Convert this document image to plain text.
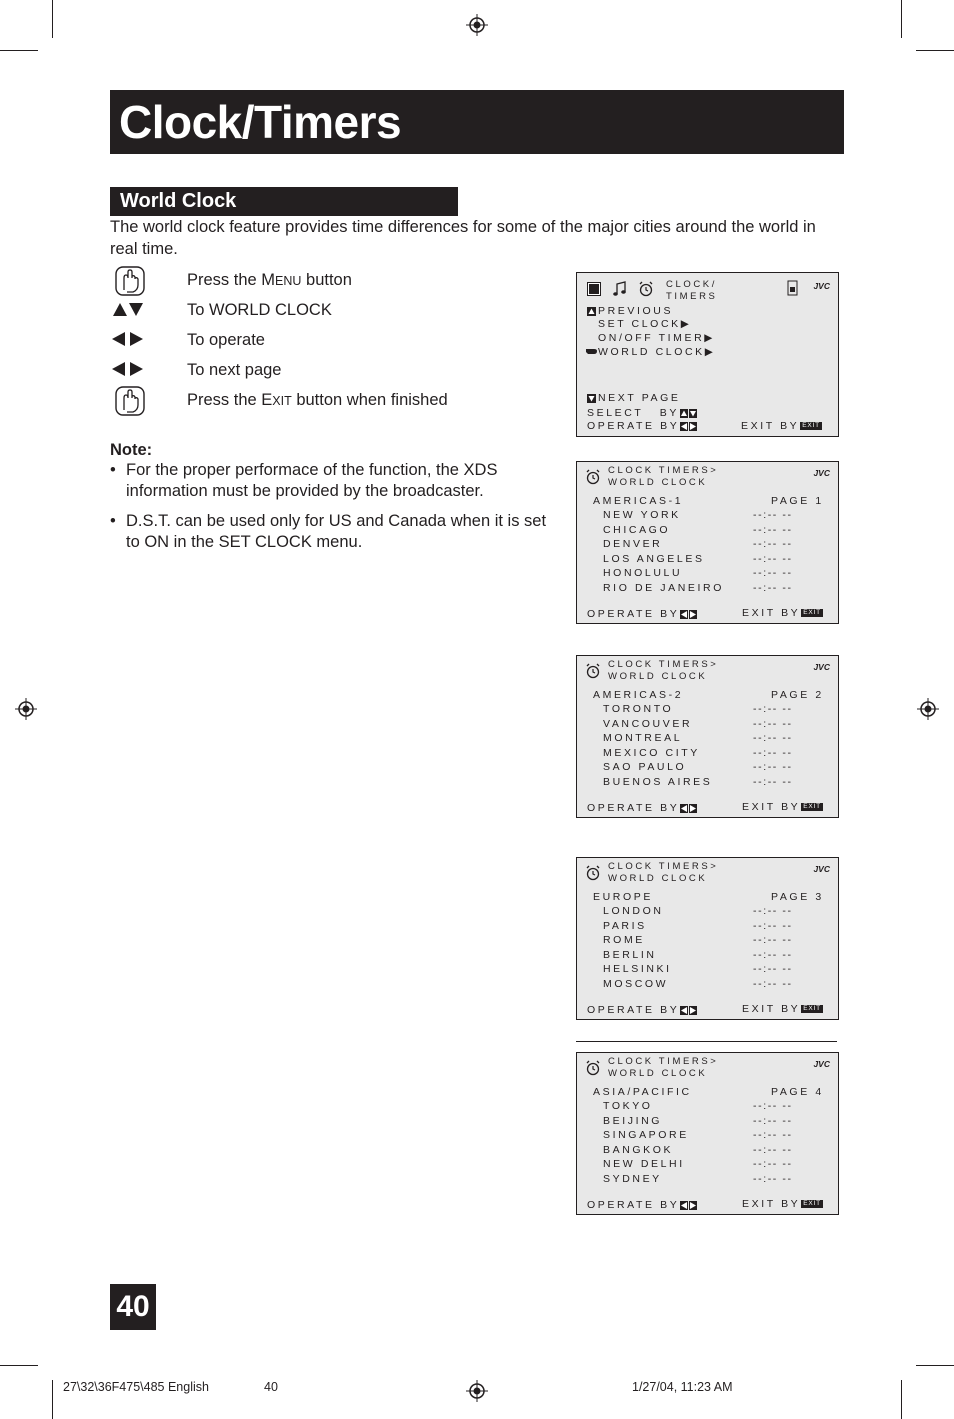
Clock/Timers
World Clock
The world clock feature provides time differences for some of the major cities around the world in real time.
Press the MENU button
To WORLD CLOCK
To operate
To next page
Press the EXIT button when finished
Note:
• For the proper performace of the function, the XDS information must be provided by the broadcaster.
• D.S.T. can be used only for US and Canada when it is set to ON in the SET CLOCK menu.
CLOCK/
TIMERS
JVC
PREVIOUS
SET CLOCK▶
ON/OFF TIMER▶
WORLD CLOCK▶
NEXT PAGE
SELECT   BY
OPERATE BY	EXIT BY EXIT
CLOCK TIMERS>
WORLD CLOCK
JVC
AMERICAS-1	PAGE 1
NEW YORK	--:-- --
CHICAGO	--:-- --
DENVER	--:-- --
LOS ANGELES	--:-- --
HONOLULU	--:-- --
RIO DE JANEIRO	--:-- --
OPERATE BY	EXIT BY EXIT
CLOCK TIMERS>
WORLD CLOCK
JVC
AMERICAS-2	PAGE 2
TORONTO	--:-- --
VANCOUVER	--:-- --
MONTREAL	--:-- --
MEXICO CITY	--:-- --
SAO PAULO	--:-- --
BUENOS AIRES	--:-- --
OPERATE BY	EXIT BY EXIT
CLOCK TIMERS>
WORLD CLOCK
JVC
EUROPE	PAGE 3
LONDON	--:-- --
PARIS	--:-- --
ROME	--:-- --
BERLIN	--:-- --
HELSINKI	--:-- --
MOSCOW	--:-- --
OPERATE BY	EXIT BY EXIT
CLOCK TIMERS>
WORLD CLOCK
JVC
ASIA/PACIFIC	PAGE 4
TOKYO	--:-- --
BEIJING	--:-- --
SINGAPORE	--:-- --
BANGKOK	--:-- --
NEW DELHI	--:-- --
SYDNEY	--:-- --
OPERATE BY	EXIT BY EXIT
40
27\32\36F475\485 English	40	1/27/04, 11:23 AM
